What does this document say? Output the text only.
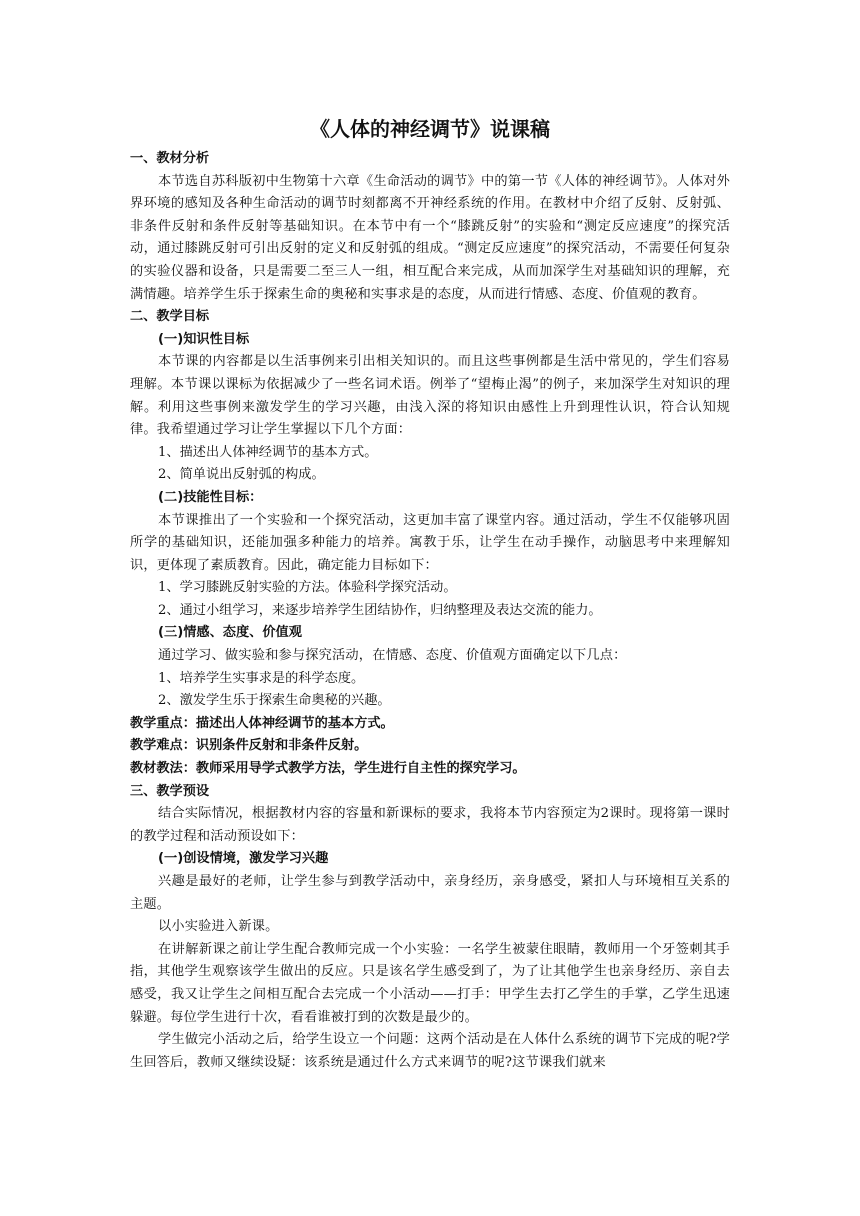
《人体的神经调节》说课稿
一、教材分析
本节选自苏科版初中生物第十六章《生命活动的调节》中的第一节《人体的神经调节》。人体对外界环境的感知及各种生命活动的调节时刻都离不开神经系统的作用。在教材中介绍了反射、反射弧、非条件反射和条件反射等基础知识。在本节中有一个“膝跳反射”的实验和“测定反应速度”的探究活动，通过膝跳反射可引出反射的定义和反射弧的组成。“测定反应速度”的探究活动，不需要任何复杂的实验仪器和设备，只是需要二至三人一组，相互配合来完成，从而加深学生对基础知识的理解，充满情趣。培养学生乐于探索生命的奥秘和实事求是的态度，从而进行情感、态度、价值观的教育。
二、教学目标
(一)知识性目标
本节课的内容都是以生活事例来引出相关知识的。而且这些事例都是生活中常见的，学生们容易理解。本节课以课标为依据减少了一些名词术语。例举了“望梅止渴”的例子，来加深学生对知识的理解。利用这些事例来激发学生的学习兴趣，由浅入深的将知识由感性上升到理性认识，符合认知规律。我希望通过学习让学生掌握以下几个方面：
1、描述出人体神经调节的基本方式。
2、简单说出反射弧的构成。
(二)技能性目标：
本节课推出了一个实验和一个探究活动，这更加丰富了课堂内容。通过活动，学生不仅能够巩固所学的基础知识，还能加强多种能力的培养。寓教于乐，让学生在动手操作，动脑思考中来理解知识，更体现了素质教育。因此，确定能力目标如下：
1、学习膝跳反射实验的方法。体验科学探究活动。
2、通过小组学习，来逐步培养学生团结协作，归纳整理及表达交流的能力。
(三)情感、态度、价值观
通过学习、做实验和参与探究活动，在情感、态度、价值观方面确定以下几点：
1、培养学生实事求是的科学态度。
2、激发学生乐于探索生命奥秘的兴趣。
教学重点：描述出人体神经调节的基本方式。
教学难点：识别条件反射和非条件反射。
教材教法：教师采用导学式教学方法，学生进行自主性的探究学习。
三、教学预设
结合实际情况，根据教材内容的容量和新课标的要求，我将本节内容预定为2课时。现将第一课时的教学过程和活动预设如下：
(一)创设情境，激发学习兴趣
兴趣是最好的老师，让学生参与到教学活动中，亲身经历，亲身感受，紧扣人与环境相互关系的主题。
以小实验进入新课。
在讲解新课之前让学生配合教师完成一个小实验：一名学生被蒙住眼睛，教师用一个牙签刺其手指，其他学生观察该学生做出的反应。只是该名学生感受到了，为了让其他学生也亲身经历、亲自去感受，我又让学生之间相互配合去完成一个小活动——打手：甲学生去打乙学生的手掌，乙学生迅速躲避。每位学生进行十次，看看谁被打到的次数是最少的。
学生做完小活动之后，给学生设立一个问题：这两个活动是在人体什么系统的调节下完成的呢?学生回答后，教师又继续设疑：该系统是通过什么方式来调节的呢?这节课我们就来
